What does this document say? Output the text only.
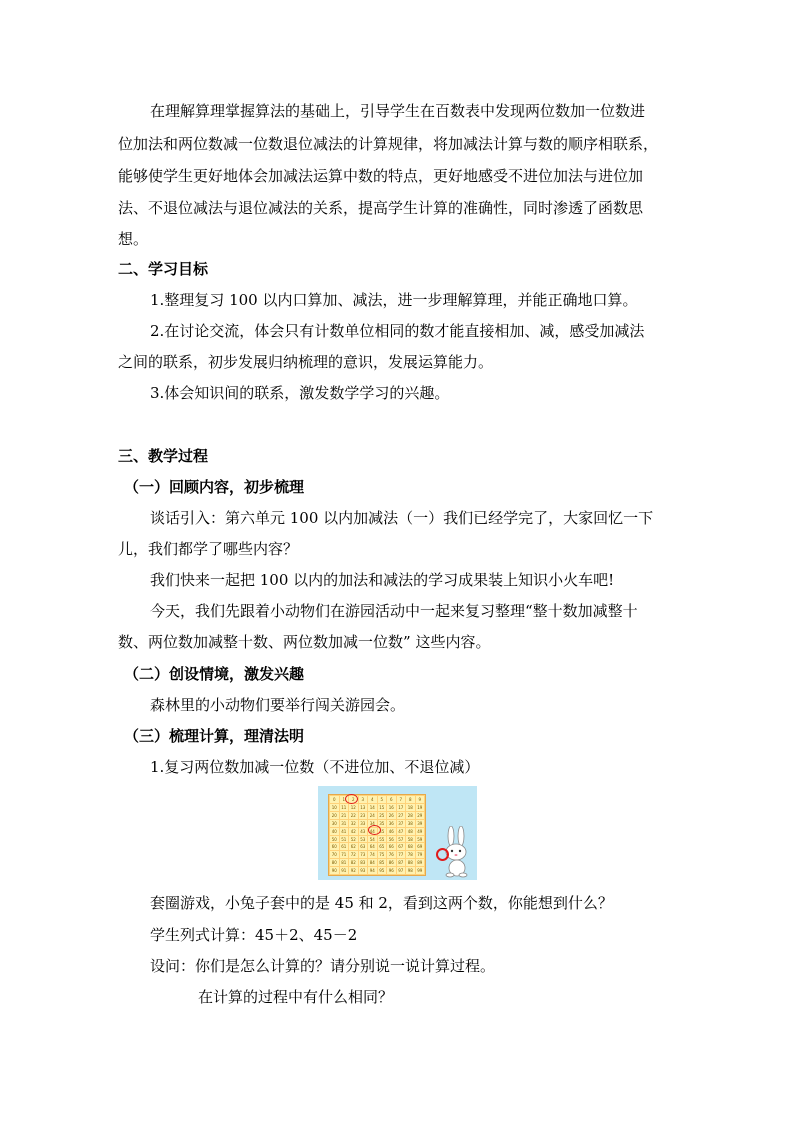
在理解算理掌握算法的基础上，引导学生在百数表中发现两位数加一位数进
位加法和两位数减一位数退位减法的计算规律，将加减法计算与数的顺序相联系，
能够使学生更好地体会加减法运算中数的特点，更好地感受不进位加法与进位加
法、不退位减法与退位减法的关系，提高学生计算的准确性，同时渗透了函数思
想。
二、学习目标
1.整理复习 100 以内口算加、减法，进一步理解算理，并能正确地口算。
2.在讨论交流，体会只有计数单位相同的数才能直接相加、减，感受加减法
之间的联系，初步发展归纳梳理的意识，发展运算能力。
3.体会知识间的联系，激发数学学习的兴趣。
三、教学过程
（一）回顾内容，初步梳理
谈话引入：第六单元 100 以内加减法（一）我们已经学完了，大家回忆一下
儿，我们都学了哪些内容？
我们快来一起把 100 以内的加法和减法的学习成果装上知识小火车吧!
今天，我们先跟着小动物们在游园活动中一起来复习整理“整十数加减整十
数、两位数加减整十数、两位数加减一位数” 这些内容。
（二）创设情境，激发兴趣
森林里的小动物们要举行闯关游园会。
（三）梳理计算，理清法明
1.复习两位数加减一位数（不进位加、不退位减）
0	1	2	3	4	5	6	7	8	9
10	11	12	13	14	15	16	17	18	19
20	21	22	23	24	25	26	27	28	29
30	31	32	33	34	35	36	37	38	39
40	41	42	43	44	45	46	47	48	49
50	51	52	53	54	55	56	57	58	59
60	61	62	63	64	65	66	67	68	69
70	71	72	73	74	75	76	77	78	79
80	81	82	83	84	85	86	87	88	89
90	91	92	93	94	95	96	97	98	99
套圈游戏，小兔子套中的是 45 和 2，看到这两个数，你能想到什么？
学生列式计算：45＋2、45－2
设问：你们是怎么计算的？请分别说一说计算过程。
在计算的过程中有什么相同？
